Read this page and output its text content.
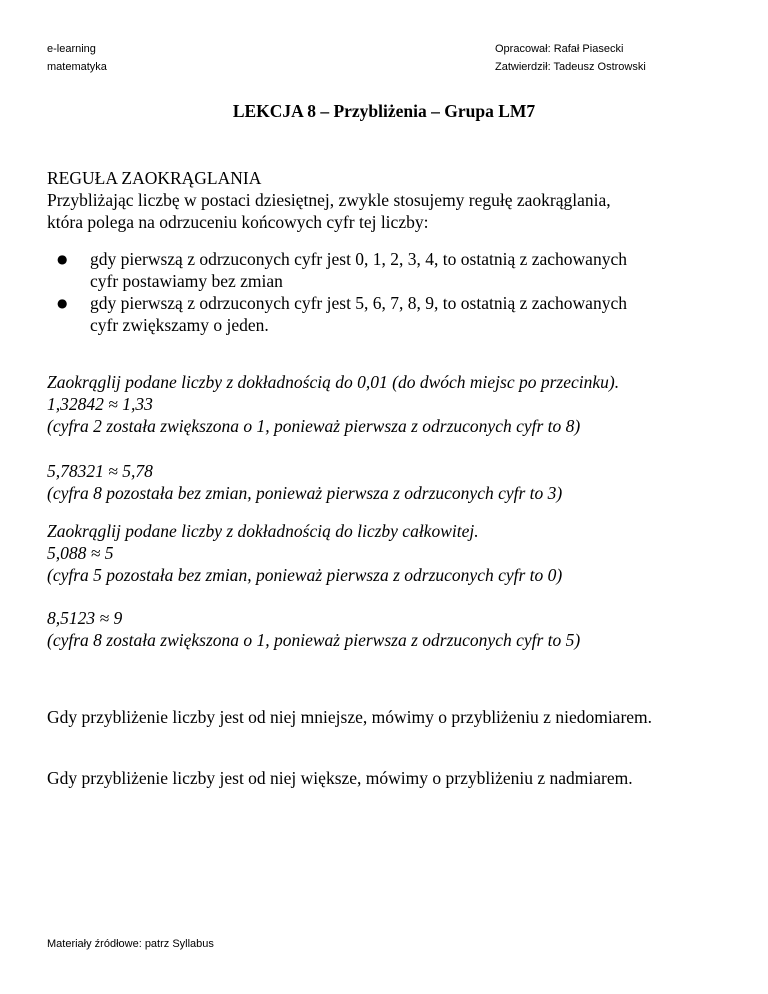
e-learning
matematyka
Opracował: Rafał Piasecki
Zatwierdził: Tadeusz Ostrowski
LEKCJA 8 – Przybliżenia – Grupa LM7
REGUŁA ZAOKRĄGLANIA
Przybliżając liczbę w postaci dziesiętnej, zwykle stosujemy regułę zaokrąglania,
która polega na odrzuceniu końcowych cyfr tej liczby:
● gdy pierwszą z odrzuconych cyfr jest 0, 1, 2, 3, 4, to ostatnią z zachowanych
cyfr postawiamy bez zmian
● gdy pierwszą z odrzuconych cyfr jest 5, 6, 7, 8, 9, to ostatnią z zachowanych
cyfr zwiększamy o jeden.
Zaokrąglij podane liczby z dokładnością do 0,01 (do dwóch miejsc po przecinku).
1,32842 ≈ 1,33
(cyfra 2 została zwiększona o 1, ponieważ pierwsza z odrzuconych cyfr to 8)
5,78321 ≈ 5,78
(cyfra 8 pozostała bez zmian, ponieważ pierwsza z odrzuconych cyfr to 3)
Zaokrąglij podane liczby z dokładnością do liczby całkowitej.
5,088 ≈ 5
(cyfra 5 pozostała bez zmian, ponieważ pierwsza z odrzuconych cyfr to 0)
8,5123 ≈ 9
(cyfra 8 została zwiększona o 1, ponieważ pierwsza z odrzuconych cyfr to 5)
Gdy przybliżenie liczby jest od niej mniejsze, mówimy o przybliżeniu z niedomiarem.
Gdy przybliżenie liczby jest od niej większe, mówimy o przybliżeniu z nadmiarem.
Materiały źródłowe: patrz Syllabus
